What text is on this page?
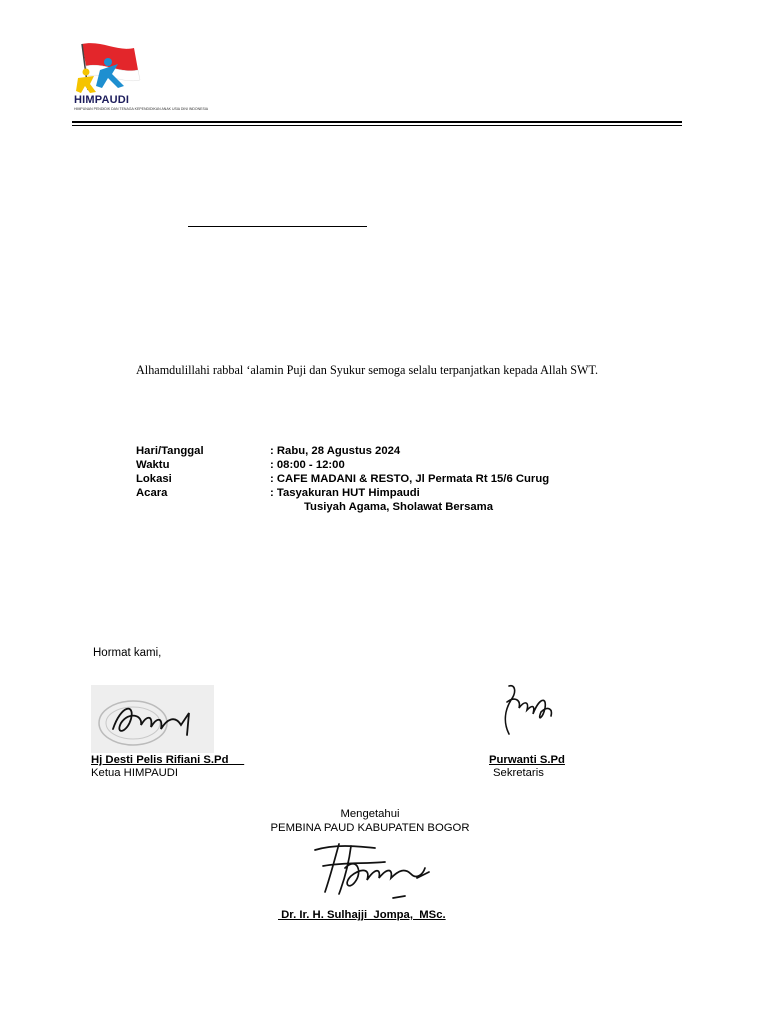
HIMPAUDI
HIMPUNAN PENDIDIK DAN TENAGA KEPENDIDIKAN ANAK USIA DINI INDONESIA
Alhamdulillahi rabbal ‘alamin Puji dan Syukur semoga selalu terpanjatkan kepada Allah SWT.
Hari/Tanggal	: Rabu, 28 Agustus 2024
Waktu	: 08:00 - 12:00
Lokasi	: CAFE MADANI & RESTO, Jl Permata Rt 15/6 Curug
Acara	: Tasyakuran HUT Himpaudi
Tusiyah Agama, Sholawat Bersama
Hormat kami,
Hj Desti Pelis Rifiani S.Pd
Ketua HIMPAUDI
Purwanti S.Pd
Sekretaris
Mengetahui
PEMBINA PAUD KABUPATEN BOGOR
Dr. Ir. H. Sulhajji  Jompa,  MSc.
